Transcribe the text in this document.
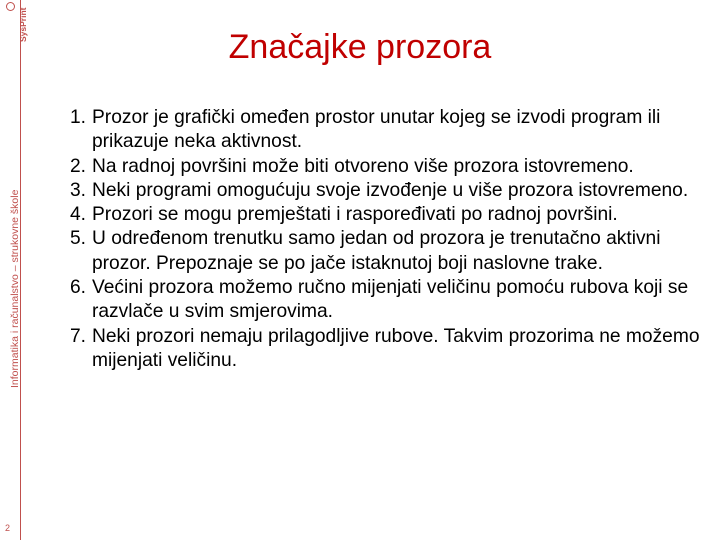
SysPrint
Informatika i računalstvo – strukovne škole
2
Značajke prozora
1. Prozor je grafički omeđen prostor unutar kojeg se izvodi program ili prikazuje neka aktivnost.
2. Na radnoj površini može biti otvoreno više prozora istovremeno.
3. Neki programi omogućuju svoje izvođenje u više prozora istovremeno.
4. Prozori se mogu premještati i raspoređivati po radnoj površini.
5. U određenom trenutku samo jedan od prozora je trenutačno aktivni prozor. Prepoznaje se po jače istaknutoj boji naslovne trake.
6. Većini prozora možemo ručno mijenjati veličinu pomoću rubova koji se razvlače u svim smjerovima.
7. Neki prozori nemaju prilagodljive rubove. Takvim prozorima ne možemo mijenjati veličinu.
